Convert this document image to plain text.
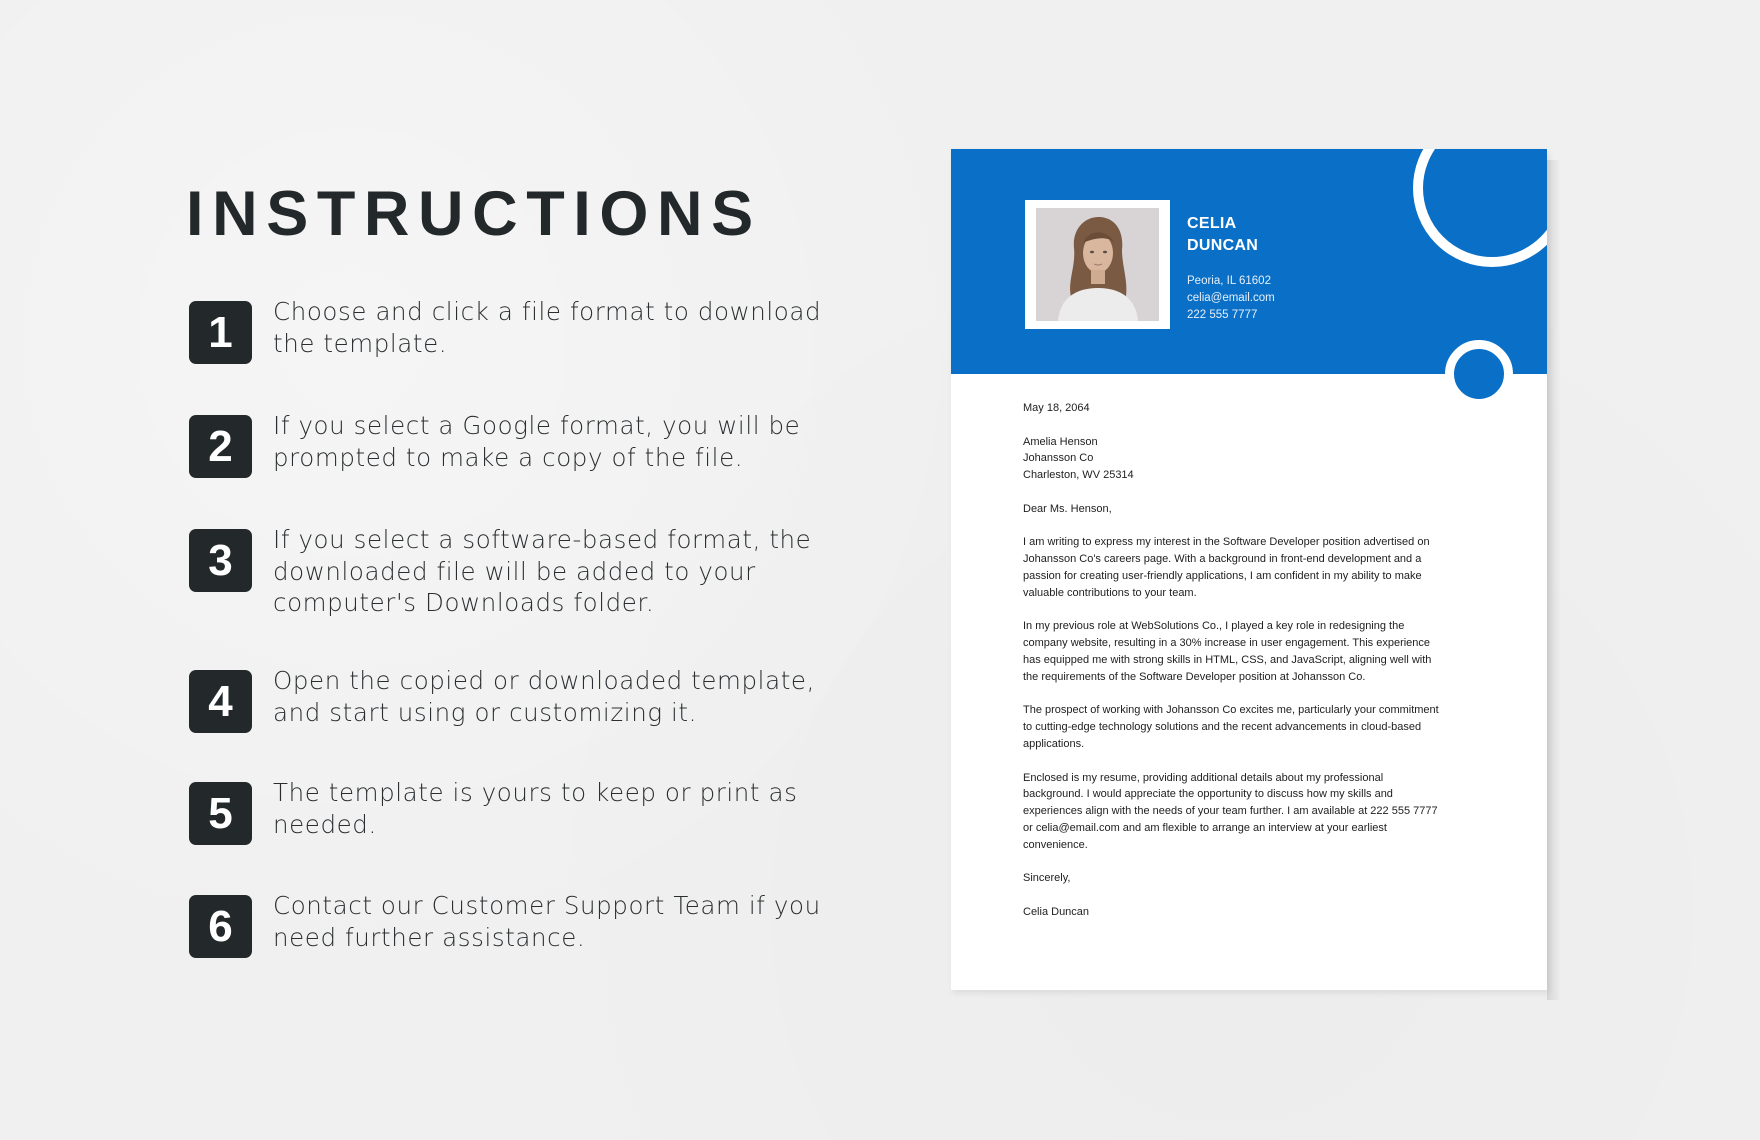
INSTRUCTIONS
1	Choose and click a file format to download
the template.
2	If you select a Google format, you will be
prompted to make a copy of the file.
3	If you select a software-based format, the
downloaded file will be added to your
computer's Downloads folder.
4	Open the copied or downloaded template,
and start using or customizing it.
5	The template is yours to keep or print as
needed.
6	Contact our Customer Support Team if you
need further assistance.
CELIA
DUNCAN
Peoria, IL 61602
celia@email.com
222 555 7777
May 18, 2064
Amelia Henson
Johansson Co
Charleston, WV 25314
Dear Ms. Henson,
I am writing to express my interest in the Software Developer position advertised on
Johansson Co's careers page. With a background in front-end development and a
passion for creating user-friendly applications, I am confident in my ability to make
valuable contributions to your team.
In my previous role at WebSolutions Co., I played a key role in redesigning the
company website, resulting in a 30% increase in user engagement. This experience
has equipped me with strong skills in HTML, CSS, and JavaScript, aligning well with
the requirements of the Software Developer position at Johansson Co.
The prospect of working with Johansson Co excites me, particularly your commitment
to cutting-edge technology solutions and the recent advancements in cloud-based
applications.
Enclosed is my resume, providing additional details about my professional
background. I would appreciate the opportunity to discuss how my skills and
experiences align with the needs of your team further. I am available at 222 555 7777
or celia@email.com and am flexible to arrange an interview at your earliest
convenience.
Sincerely,
Celia Duncan
